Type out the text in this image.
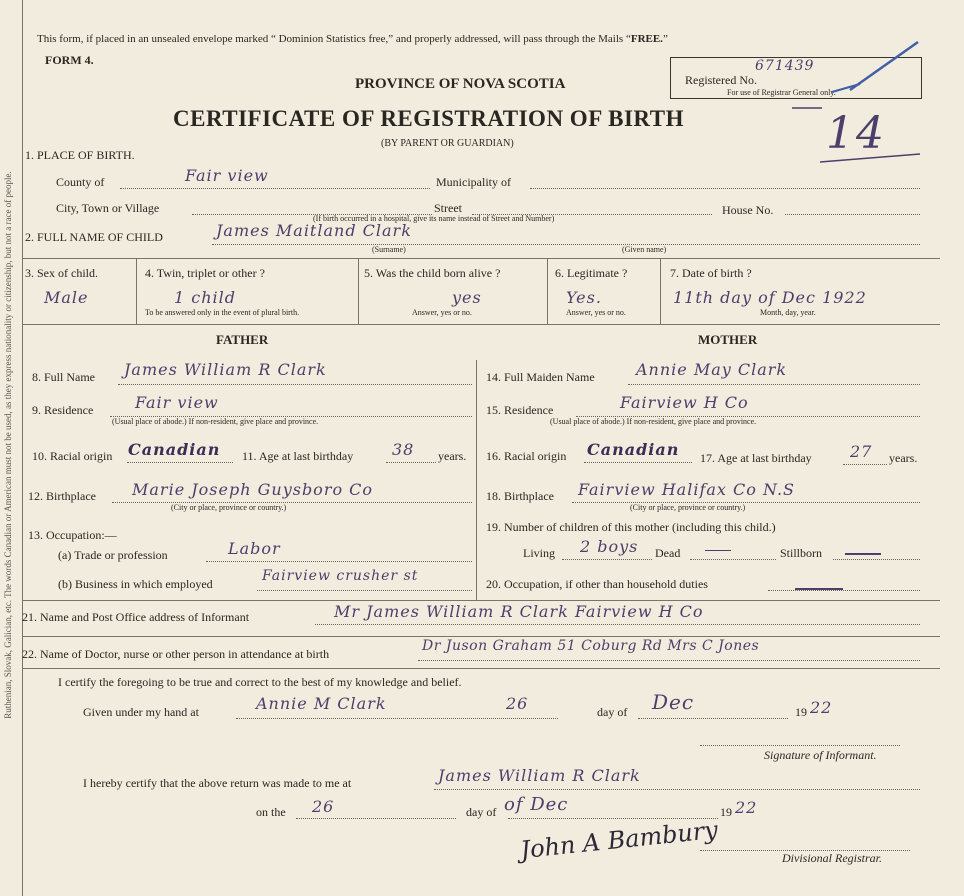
Ruthenian, Slovak, Galician, etc. The words Canadian or American must not be used, as they express nationality or citizenship, but not a race of people.
This form, if placed in an unsealed envelope marked “ Dominion Statistics free,” and properly addressed, will pass through the Mails “FREE.”
FORM 4.
PROVINCE OF NOVA SCOTIA
CERTIFICATE OF REGISTRATION OF BIRTH
(BY PARENT OR GUARDIAN)
Registered No.
671439
For use of Registrar General only.
14
1. PLACE OF BIRTH.
County of	Fair view	Municipality of
City, Town or Village	Street
(If birth occurred in a hospital, give its name instead of Street and Number)
House No.
2. FULL NAME OF CHILD	James Maitland Clark
(Surname)	(Given name)
3. Sex of child.
Male
4. Twin, triplet or other ?
1 child
To be answered only in the event of plural birth.
5. Was the child born alive ?
yes
Answer, yes or no.
6. Legitimate ?
Yes.
Answer, yes or no.
7. Date of birth ?
11th day of Dec 1922
Month, day, year.
FATHER	MOTHER
8. Full Name James William R Clark
9. Residence	Fair view
(Usual place of abode.) If non-resident, give place and province.
10. Racial origin Canadian 11. Age at last birthday 38 years.
12. Birthplace Marie Joseph Guysboro Co
(City or place, province or country.)
13. Occupation:—
(a) Trade or profession	Labor
(b) Business in which employed	Fairview crusher st
14. Full Maiden Name	Annie May Clark
15. Residence	Fairview H Co
(Usual place of abode.) If non-resident, give place and province.
16. Racial origin Canadian 17. Age at last birthday 27 years.
18. Birthplace Fairview Halifax Co N.S
(City or place, province or country.)
19. Number of children of this mother (including this child.)
Living 2 boys Dead	Stillborn
20. Occupation, if other than household duties
21. Name and Post Office address of Informant	Mr James William R Clark Fairview H Co
22. Name of Doctor, nurse or other person in attendance at birth	Dr Juson Graham 51 Coburg Rd Mrs C Jones
I certify the foregoing to be true and correct to the best of my knowledge and belief.
Given under my hand at	Annie M Clark	26	day of Dec	19 22
Signature of Informant.
I hereby certify that the above return was made to me at	James William R Clark
on the 26	day of of Dec	19 22
John A Bambury	Divisional Registrar.
